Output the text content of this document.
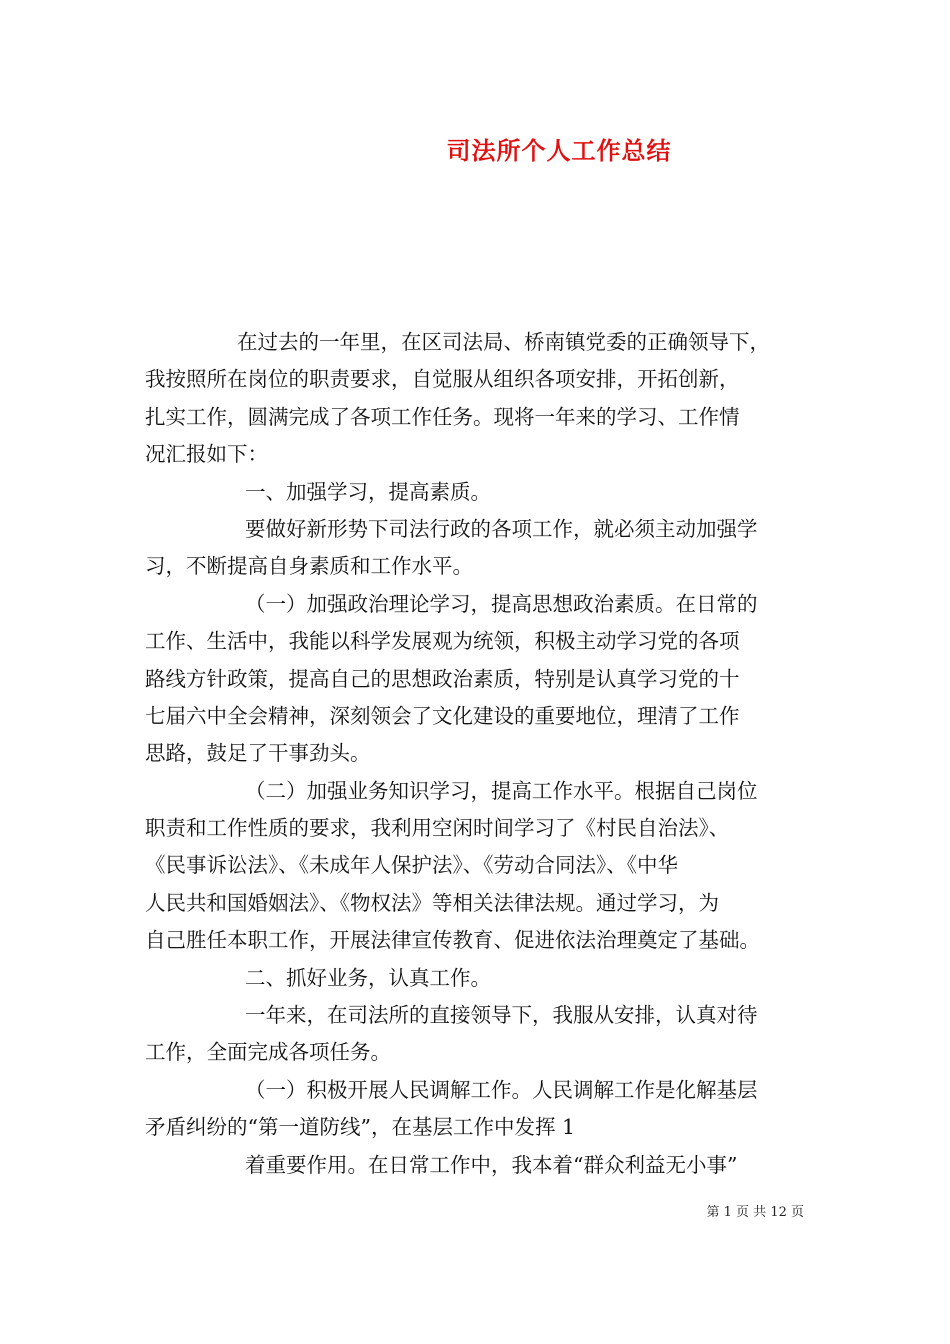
司法所个人工作总结
在过去的一年里，在区司法局、桥南镇党委的正确领导下，
我按照所在岗位的职责要求，自觉服从组织各项安排，开拓创新，
扎实工作，圆满完成了各项工作任务。现将一年来的学习、工作情
况汇报如下：
一、加强学习，提高素质。
要做好新形势下司法行政的各项工作，就必须主动加强学
习，不断提高自身素质和工作水平。
（一）加强政治理论学习，提高思想政治素质。在日常的
工作、生活中，我能以科学发展观为统领，积极主动学习党的各项
路线方针政策，提高自己的思想政治素质，特别是认真学习党的十
七届六中全会精神，深刻领会了文化建设的重要地位，理清了工作
思路，鼓足了干事劲头。
（二）加强业务知识学习，提高工作水平。根据自己岗位
职责和工作性质的要求，我利用空闲时间学习了《村民自治法》、
《民事诉讼法》、《未成年人保护法》、《劳动合同法》、《中华
人民共和国婚姻法》、《物权法》等相关法律法规。通过学习，为
自己胜任本职工作，开展法律宣传教育、促进依法治理奠定了基础。
二、抓好业务，认真工作。
一年来，在司法所的直接领导下，我服从安排，认真对待
工作，全面完成各项任务。
（一）积极开展人民调解工作。人民调解工作是化解基层
矛盾纠纷的“第一道防线”，在基层工作中发挥 1
着重要作用。在日常工作中，我本着“群众利益无小事”
第 1 页 共 12 页
